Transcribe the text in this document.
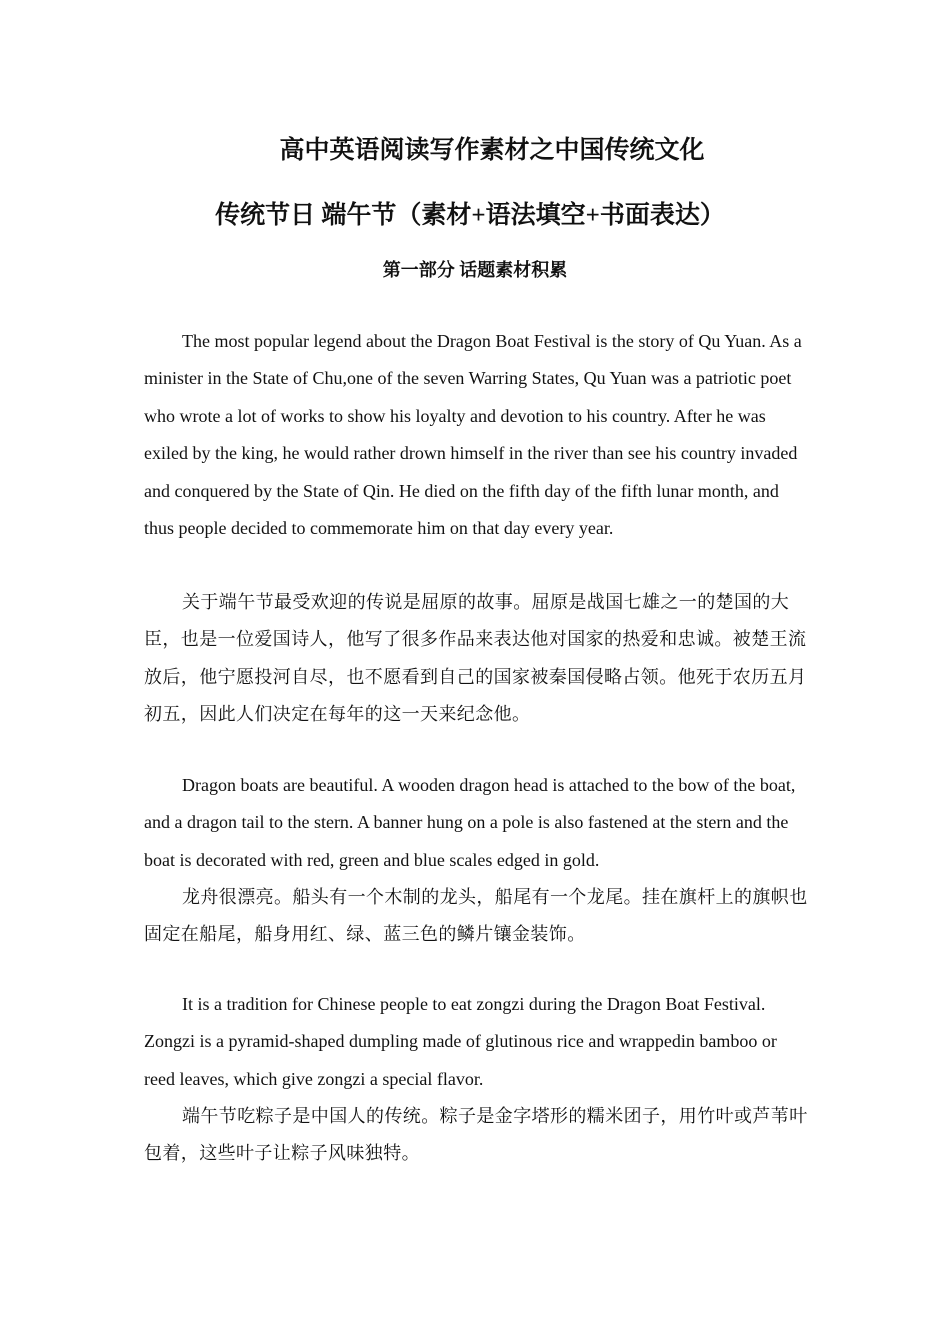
高中英语阅读写作素材之中国传统文化
传统节日 端午节（素材+语法填空+书面表达）
第一部分 话题素材积累

The most popular legend about the Dragon Boat Festival is the story of Qu Yuan. As a minister in the State of Chu,one of the seven Warring States, Qu Yuan was a patriotic poet who wrote a lot of works to show his loyalty and devotion to his country. After he was exiled by the king, he would rather drown himself in the river than see his country invaded and conquered by the State of Qin. He died on the fifth day of the fifth lunar month, and thus people decided to commemorate him on that day every year.

关于端午节最受欢迎的传说是屈原的故事。屈原是战国七雄之一的楚国的大臣，也是一位爱国诗人，他写了很多作品来表达他对国家的热爱和忠诚。被楚王流放后，他宁愿投河自尽，也不愿看到自己的国家被秦国侵略占领。他死于农历五月初五，因此人们决定在每年的这一天来纪念他。

Dragon boats are beautiful. A wooden dragon head is attached to the bow of the boat, and a dragon tail to the stern. A banner hung on a pole is also fastened at the stern and the boat is decorated with red, green and blue scales edged in gold.

龙舟很漂亮。船头有一个木制的龙头，船尾有一个龙尾。挂在旗杆上的旗帜也固定在船尾，船身用红、绿、蓝三色的鳞片镶金装饰。

It is a tradition for Chinese people to eat zongzi during the Dragon Boat Festival. Zongzi is a pyramid-shaped dumpling made of glutinous rice and wrappedin bamboo or reed leaves, which give zongzi a special flavor.

端午节吃粽子是中国人的传统。粽子是金字塔形的糯米团子，用竹叶或芦苇叶包着，这些叶子让粽子风味独特。
